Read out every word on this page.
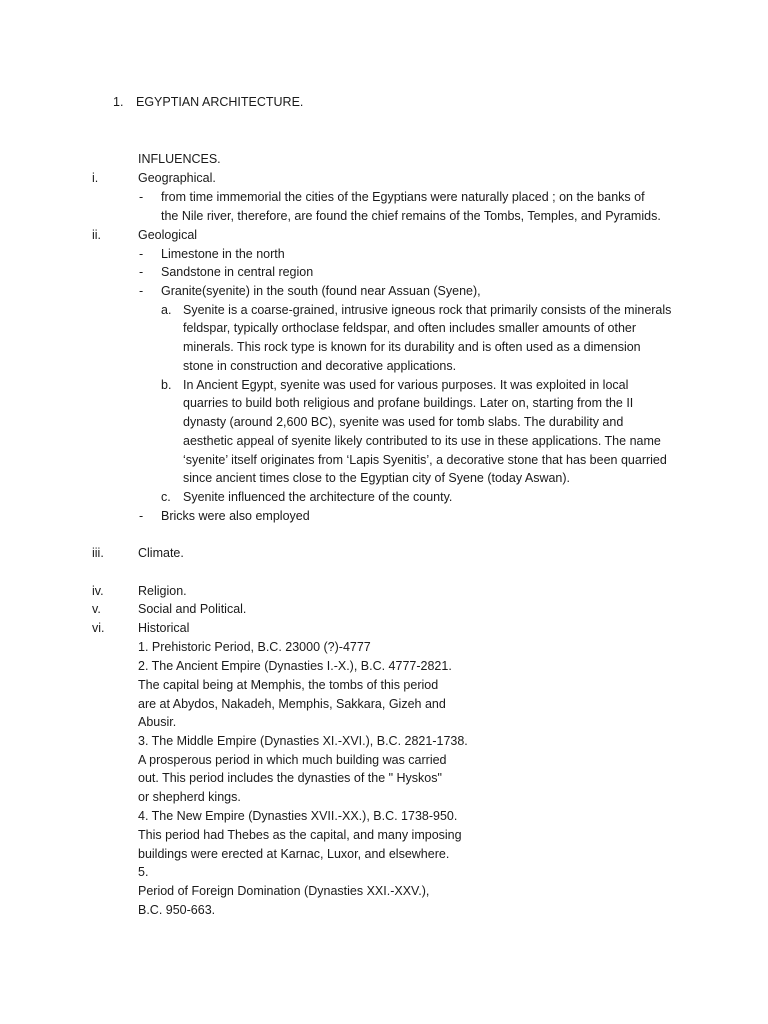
1. EGYPTIAN ARCHITECTURE.
INFLUENCES.
i.	Geographical.
- from time immemorial the cities of the Egyptians were naturally placed ; on the banks of
the Nile river, therefore, are found the chief remains of the Tombs, Temples, and Pyramids.
ii.	Geological
- Limestone in the north
- Sandstone in central region
- Granite(syenite) in the south (found near Assuan (Syene),
a. Syenite is a coarse-grained, intrusive igneous rock that primarily consists of the minerals
feldspar, typically orthoclase feldspar, and often includes smaller amounts of other
minerals. This rock type is known for its durability and is often used as a dimension
stone in construction and decorative applications.
b. In Ancient Egypt, syenite was used for various purposes. It was exploited in local
quarries to build both religious and profane buildings. Later on, starting from the II
dynasty (around 2,600 BC), syenite was used for tomb slabs. The durability and
aesthetic appeal of syenite likely contributed to its use in these applications. The name
‘syenite’ itself originates from ‘Lapis Syenitis’, a decorative stone that has been quarried
since ancient times close to the Egyptian city of Syene (today Aswan).
c. Syenite influenced the architecture of the county.
- Bricks were also employed
iii.	Climate.
iv.	Religion.
v.	Social and Political.
vi.	Historical
1. Prehistoric Period, B.C. 23000 (?)-4777
2. The Ancient Empire (Dynasties I.-X.), B.C. 4777-2821.
The capital being at Memphis, the tombs of this period
are at Abydos, Nakadeh, Memphis, Sakkara, Gizeh and
Abusir.
3. The Middle Empire (Dynasties XI.-XVI.), B.C. 2821-1738.
A prosperous period in which much building was carried
out. This period includes the dynasties of the " Hyskos"
or shepherd kings.
4. The New Empire (Dynasties XVII.-XX.), B.C. 1738-950.
This period had Thebes as the capital, and many imposing
buildings were erected at Karnac, Luxor, and elsewhere.
5.
Period of Foreign Domination (Dynasties XXI.-XXV.),
B.C. 950-663.
